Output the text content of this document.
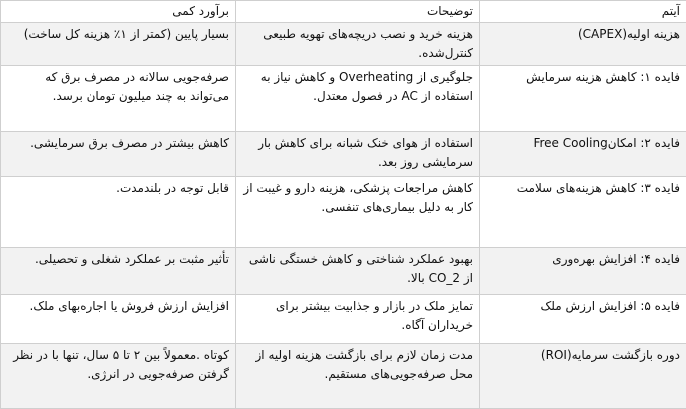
آیتم	توضیحات	برآورد کمی
هزینه اولیه(CAPEX)	هزینه خرید و نصب دریچه‌های تهویه طبیعی کنترل‌شده.	بسیار پایین (کمتر از ۱٪ هزینه کل ساخت)
فایده ۱: کاهش هزینه سرمایش	جلوگیری از Overheating و کاهش نیاز به استفاده از AC در فصول معتدل.	صرفه‌جویی سالانه در مصرف برق که می‌تواند به چند میلیون تومان برسد.
فایده ۲: امکانFree Cooling	استفاده از هوای خنک شبانه برای کاهش بار سرمایشی روز بعد.	کاهش بیشتر در مصرف برق سرمایشی.
فایده ۳: کاهش هزینه‌های سلامت	کاهش مراجعات پزشکی، هزینه دارو و غیبت از کار به دلیل بیماری‌های تنفسی.	قابل توجه در بلندمدت.
فایده ۴: افزایش بهره‌وری	بهبود عملکرد شناختی و کاهش خستگی ناشی از CO_2 بالا.	تأثیر مثبت بر عملکرد شغلی و تحصیلی.
فایده ۵: افزایش ارزش ملک	تمایز ملک در بازار و جذابیت بیشتر برای خریداران آگاه.	افزایش ارزش فروش یا اجاره‌بهای ملک.
دوره بازگشت سرمایه(ROI)	مدت زمان لازم برای بازگشت هزینه اولیه از محل صرفه‌جویی‌های مستقیم.	کوتاه .معمولاً بین ۲ تا ۵ سال، تنها با در نظر گرفتن صرفه‌جویی در انرژی.
